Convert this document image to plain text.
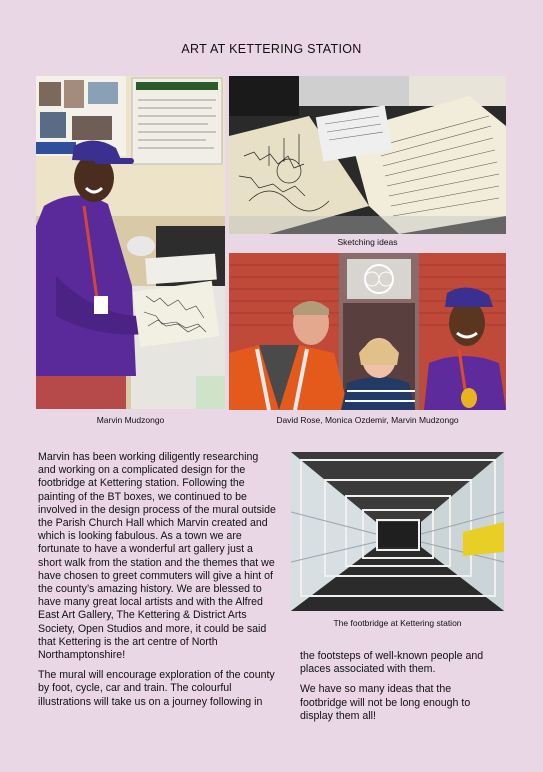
ART AT KETTERING STATION
Sketching ideas
Marvin Mudzongo	David Rose, Monica Ozdemir, Marvin Mudzongo

Marvin has been working diligently researching and working on a complicated design for the footbridge at Kettering station. Following the painting of the BT boxes, we continued to be involved in the design process of the mural outside the Parish Church Hall which Marvin created and which is looking fabulous. As a town we are fortunate to have a wonderful art gallery just a short walk from the station and the themes that we have chosen to greet commuters will give a hint of the county’s amazing history. We are blessed to have many great local artists and with the Alfred East Art Gallery, The Kettering & District Arts Society, Open Studios and more, it could be said that Kettering is the art centre of North Northamptonshire!

The mural will encourage exploration of the county by foot, cycle, car and train. The colourful illustrations will take us on a journey following in

The footbridge at Kettering station

the footsteps of well-known people and places associated with them.

We have so many ideas that the footbridge will not be long enough to display them all!
